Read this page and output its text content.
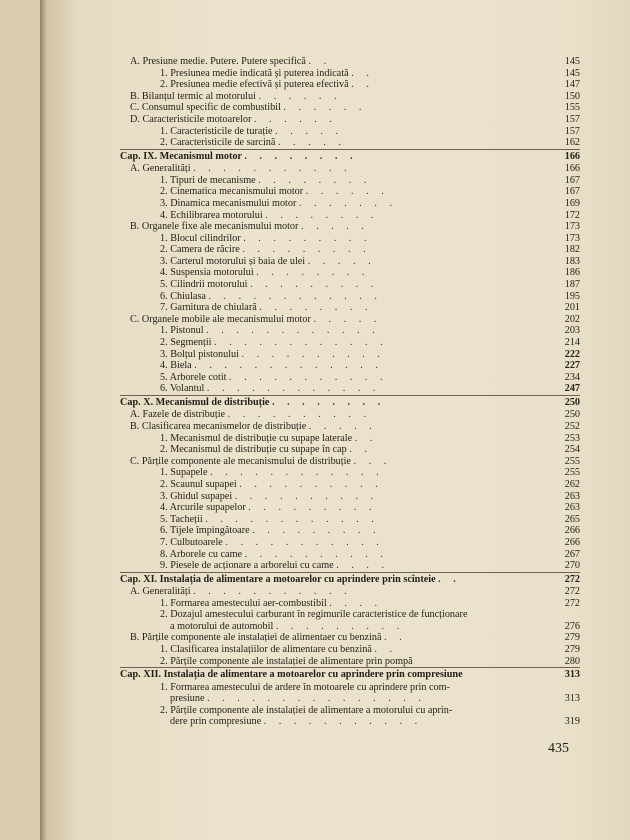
A. Presiune medie. Putere. Putere specifică . .	145
1. Presiunea medie indicată și puterea indicată . .	145
2. Presiunea medie efectivă și puterea efectivă . .	147
B. Bilanțul termic al motorului . . . . . .	150
C. Consumul specific de combustibil . . . . . .	155
D. Caracteristicile motoarelor . . . . . .	157
1. Caracteristicile de turație . . . . .	157
2. Caracteristicile de sarcină . . . . .	162
Cap. IX. Mecanismul motor . . . . . . . .	166
A. Generalități . . . . . . . . . . .	166
1. Tipuri de mecanisme . . . . . . . .	167
2. Cinematica mecanismului motor . . . . . .	167
3. Dinamica mecanismului motor . . . . . . .	169
4. Echilibrarea motorului . . . . . . . .	172
B. Organele fixe ale mecanismului motor . . . . .	173
1. Blocul cilindrilor . . . . . . . . .	173
2. Camera de răcire . . . . . . . . .	182
3. Carterul motorului și baia de ulei . . . . .	183
4. Suspensia motorului . . . . . . . .	186
5. Cilindrii motorului . . . . . . . . .	187
6. Chiulasa . . . . . . . . . . . .	195
7. Garnitura de chiulară . . . . . . . .	201
C. Organele mobile ale mecanismului motor . . . . .	202
1. Pistonul . . . . . . . . . . . .	203
2. Segmenții . . . . . . . . . . . .	214
3. Bolțul pistonului . . . . . . . . . .	222
4. Biela . . . . . . . . . . . . .	227
5. Arborele cotit . . . . . . . . . . .	234
6. Volantul . . . . . . . . . . . .	247
Cap. X. Mecanismul de distribuție . . . . . . . .	250
A. Fazele de distribuție . . . . . . . . . .	250
B. Clasificarea mecanismelor de distribuție . . . . .	252
1. Mecanismul de distribuție cu supape laterale . .	253
2. Mecanismul de distribuție cu supape în cap . .	254
C. Părțile componente ale mecanismului de distribuție . . .	255
1. Supapele . . . . . . . . . . . .	255
2. Scaunul supapei . . . . . . . . . .	262
3. Ghidul supapei . . . . . . . . . .	263
4. Arcurile supapelor . . . . . . . . .	263
5. Tacheții . . . . . . . . . . . .	265
6. Tijele împingătoare . . . . . . . . .	266
7. Culbutoarele . . . . . . . . . . .	266
8. Arborele cu came . . . . . . . . . .	267
9. Piesele de acționare a arborelui cu came . . . .	270
Cap. XI. Instalația de alimentare a motoarelor cu aprindere prin scînteie . .	272
A. Generalități . . . . . . . . . . .	272
1. Formarea amestecului aer-combustibil . . . .	272
2. Dozajul amestecului carburant în regimurile caracteristice de funcționare
a motorului de automobil . . . . . . . . .	276
B. Părțile componente ale instalației de alimentaer cu benzină . .	279
1. Clasificarea instalațiilor de alimentare cu benzină . .	279
2. Părțile componente ale instalației de alimentare prin pompă	280
Cap. XII. Instalația de alimentare a motoarelor cu aprindere prin compresiune	313
1. Formarea amestecului de ardere în motoarele cu aprindere prin com-
presiune . . . . . . . . . . . . . . .	313
2. Părțile componente ale instalației de alimentare a motorului cu aprin-
dere prin compresiune . . . . . . . . . . .	319
435
